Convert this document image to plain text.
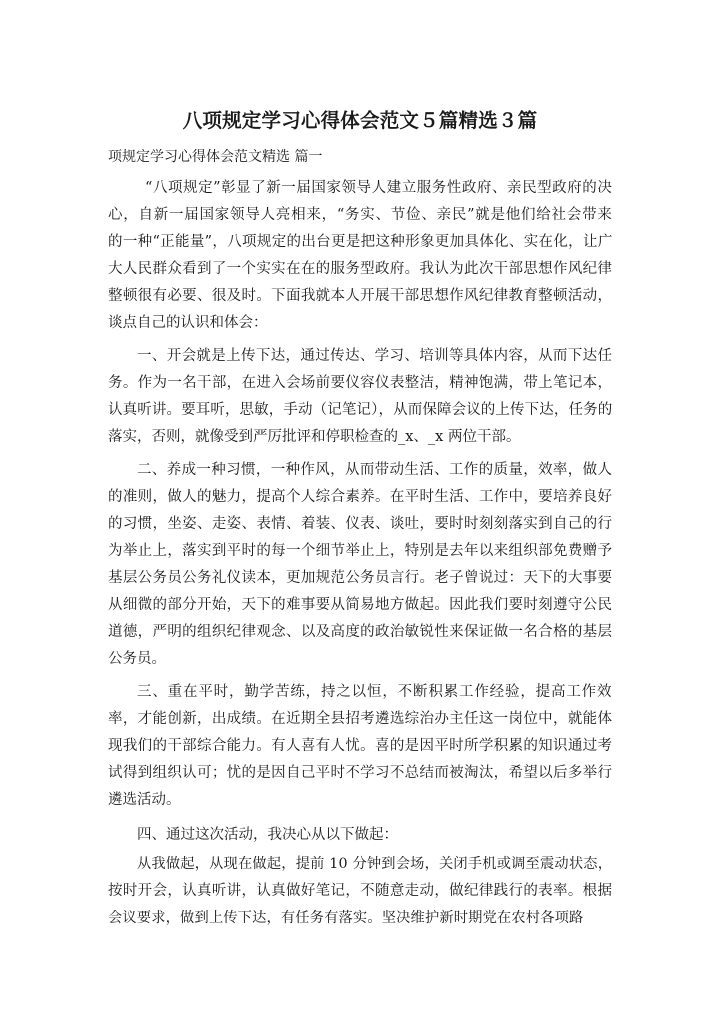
八项规定学习心得体会范文５篇精选３篇
项规定学习心得体会范文精选 篇一
“八项规定”彰显了新一届国家领导人建立服务性政府、亲民型政府的决
心，自新一届国家领导人亮相来，“务实、节俭、亲民”就是他们给社会带来
的一种“正能量”，八项规定的出台更是把这种形象更加具体化、实在化，让广
大人民群众看到了一个实实在在的服务型政府。我认为此次干部思想作风纪律
整顿很有必要、很及时。下面我就本人开展干部思想作风纪律教育整顿活动，
谈点自己的认识和体会：
一、开会就是上传下达，通过传达、学习、培训等具体内容，从而下达任
务。作为一名干部，在进入会场前要仪容仪表整洁，精神饱满，带上笔记本，
认真听讲。要耳听，思敏，手动（记笔记），从而保障会议的上传下达，任务的
落实，否则，就像受到严厉批评和停职检查的_x、_x 两位干部。
二、养成一种习惯，一种作风，从而带动生活、工作的质量，效率，做人
的准则，做人的魅力，提高个人综合素养。在平时生活、工作中，要培养良好
的习惯，坐姿、走姿、表情、着装、仪表、谈吐，要时时刻刻落实到自己的行
为举止上，落实到平时的每一个细节举止上，特别是去年以来组织部免费赠予
基层公务员公务礼仪读本，更加规范公务员言行。老子曾说过：天下的大事要
从细微的部分开始，天下的难事要从简易地方做起。因此我们要时刻遵守公民
道德，严明的组织纪律观念、以及高度的政治敏锐性来保证做一名合格的基层
公务员。
三、重在平时，勤学苦练，持之以恒，不断积累工作经验，提高工作效
率，才能创新，出成绩。在近期全县招考遴选综治办主任这一岗位中，就能体
现我们的干部综合能力。有人喜有人忧。喜的是因平时所学积累的知识通过考
试得到组织认可；忧的是因自己平时不学习不总结而被淘汰，希望以后多举行
遴选活动。
四、通过这次活动，我决心从以下做起：
从我做起，从现在做起，提前 10 分钟到会场，关闭手机或调至震动状态，
按时开会，认真听讲，认真做好笔记，不随意走动，做纪律践行的表率。根据
会议要求，做到上传下达，有任务有落实。坚决维护新时期党在农村各项路
